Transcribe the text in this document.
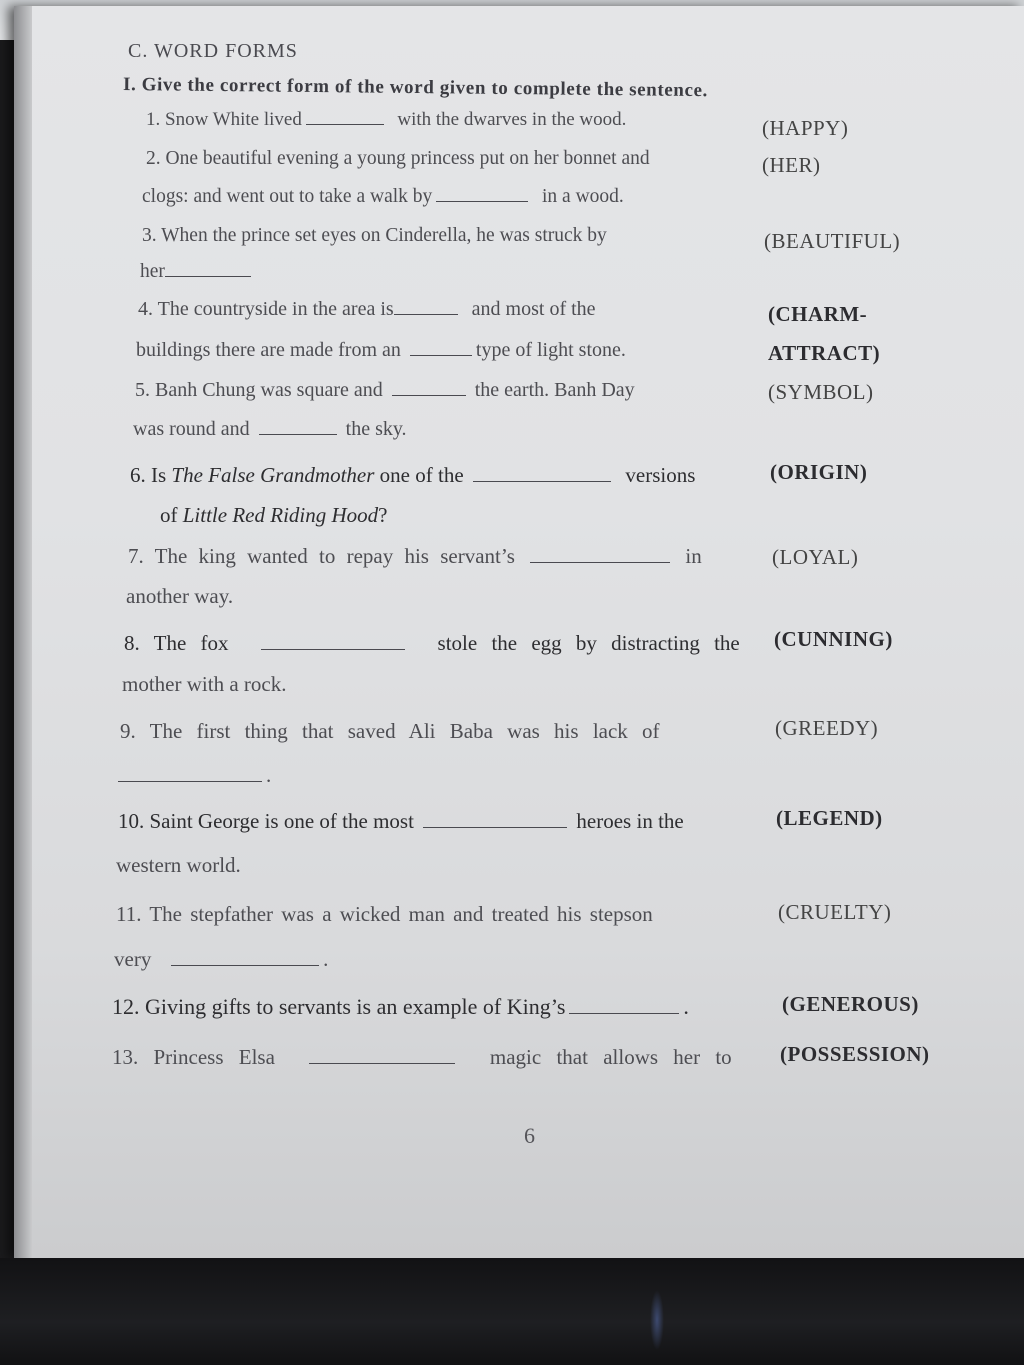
C. WORD FORMS
I. Give the correct form of the word given to complete the sentence.
1. Snow White lived	with the dwarves in the wood.	(HAPPY)
2. One beautiful evening a young princess put on her bonnet and	(HER)
clogs: and went out to take a walk by	in a wood.
3. When the prince set eyes on Cinderella, he was struck by	(BEAUTIFUL)
her
4. The countryside in the area is	and most of the	(CHARM-
buildings there are made from an	type of light stone.	ATTRACT)
5. Banh Chung was square and	the earth. Banh Day	(SYMBOL)
was round and	the sky.
6. Is The False Grandmother one of the	versions	(ORIGIN)
of Little Red Riding Hood?
7. The king wanted to repay his servant’s	in	(LOYAL)
another way.
8. The fox	stole the egg by distracting the (CUNNING)
mother with a rock.
9. The first thing that saved Ali Baba was his lack of	(GREEDY)
.
10. Saint George is one of the most	heroes in the	(LEGEND)
western world.
11. The stepfather was a wicked man and treated his stepson	(CRUELTY)
very	.
12. Giving gifts to servants is an example of King’s	.	(GENEROUS)
13. Princess Elsa	magic that allows her to (POSSESSION)
6
